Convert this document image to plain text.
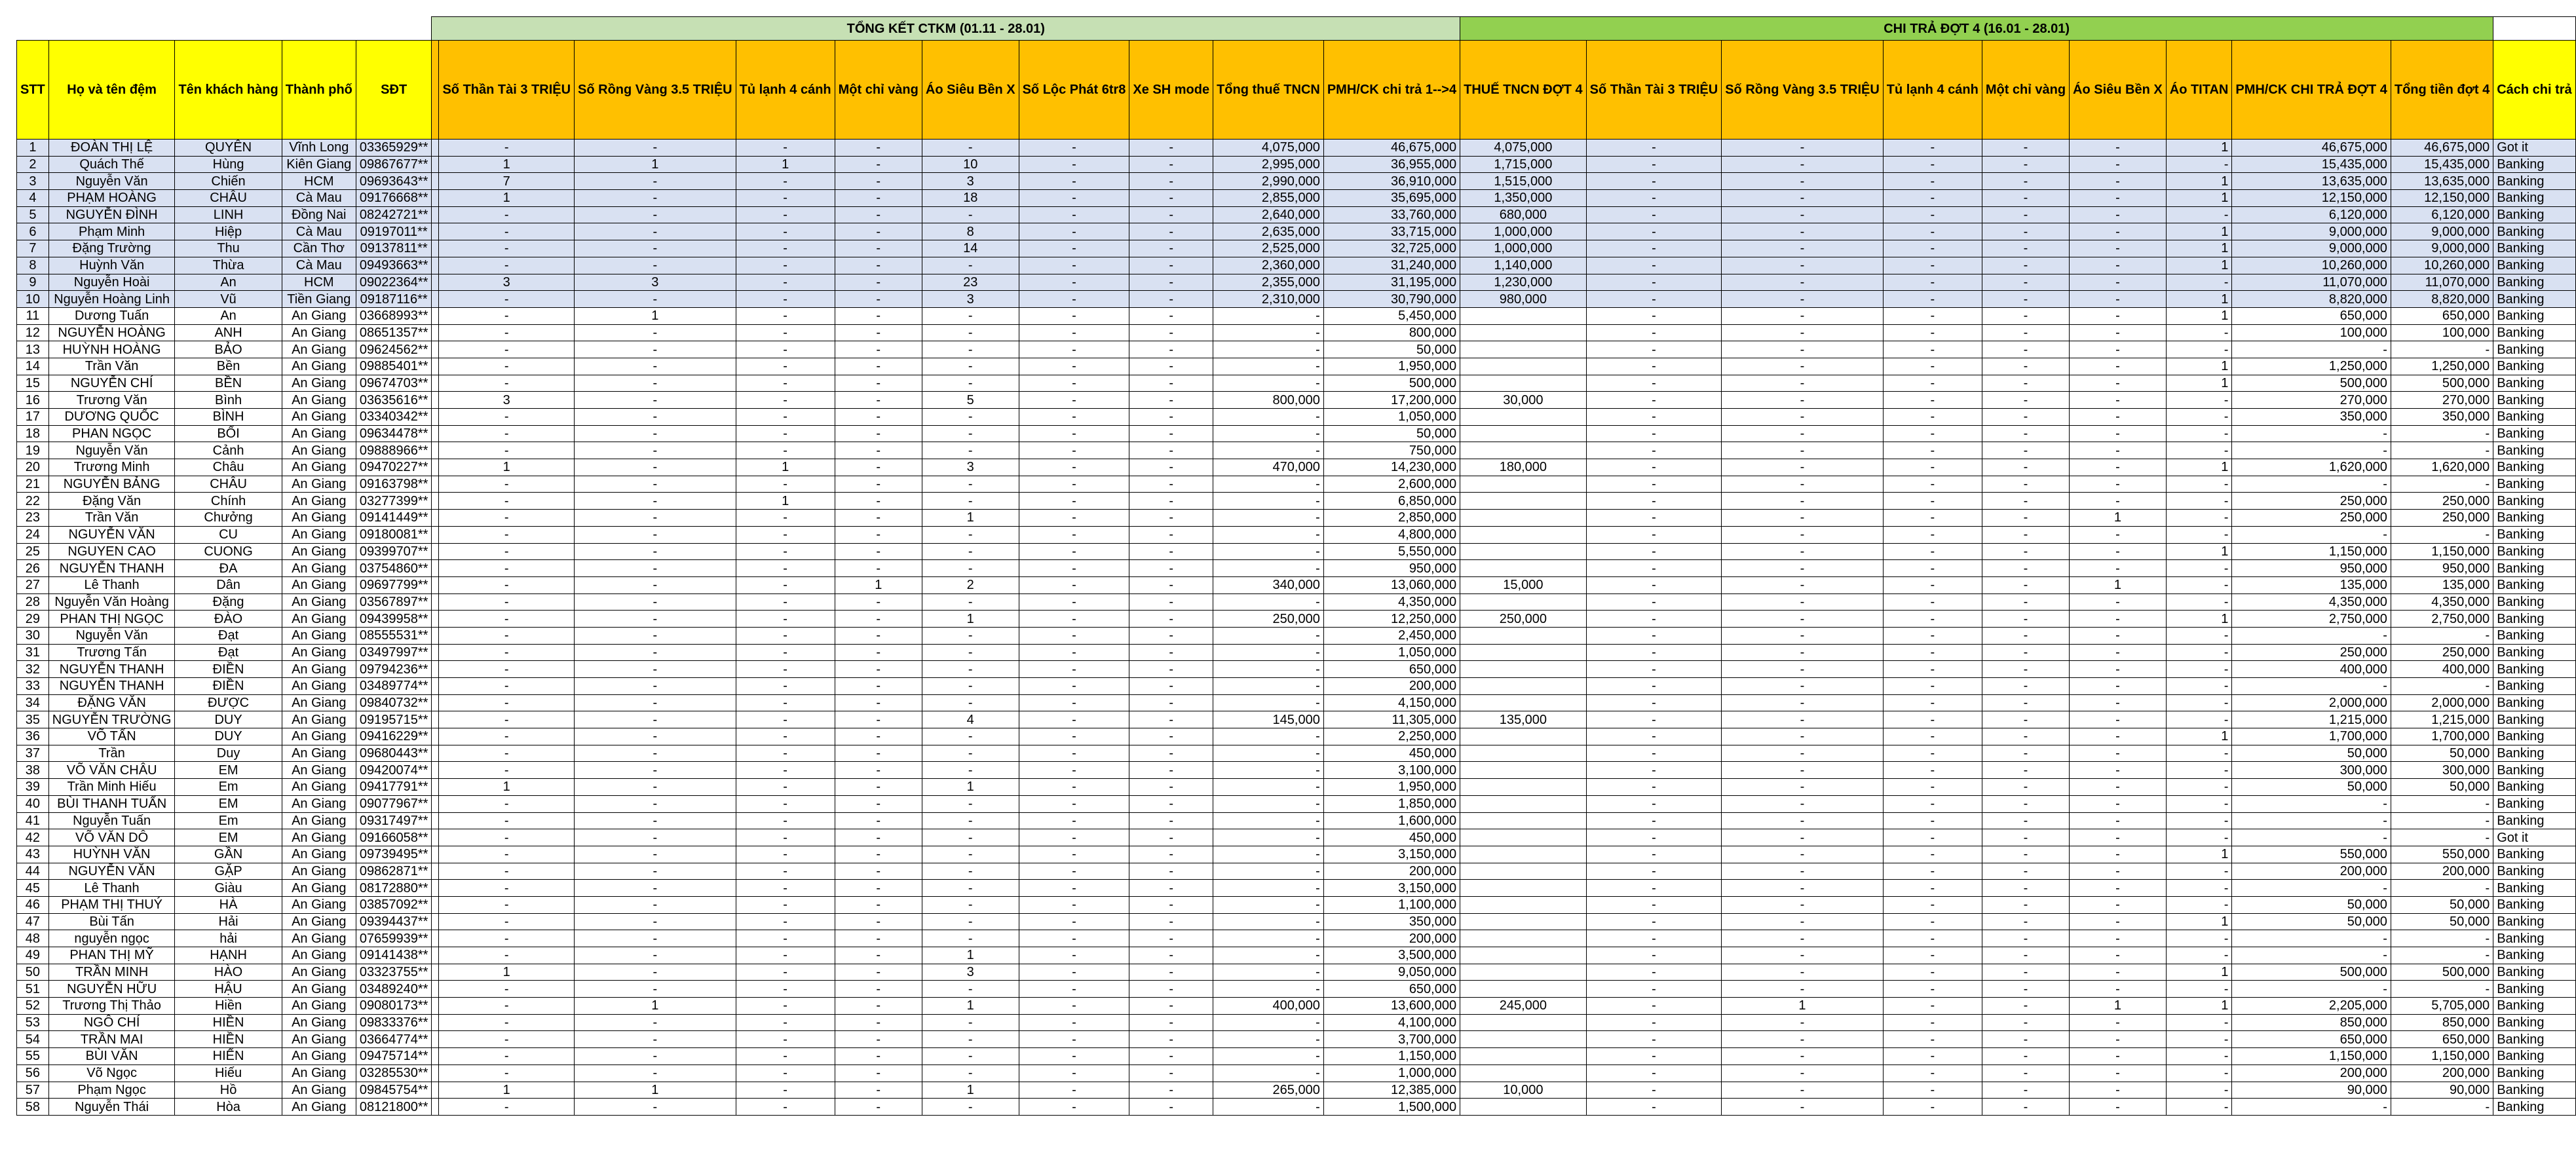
					TỔNG KẾT CTKM (01.11 - 28.01)										CHI TRẢ ĐỢT 4 (16.01 - 28.01)									
STT	Họ và tên đệm	Tên khách hàng	Thành phố	SĐT		Số Thần Tài 3 TRIỆU	Số Rồng Vàng 3.5 TRIỆU	Tủ lạnh 4 cánh	Một chỉ vàng	Áo Siêu Bền X	Số Lộc Phát 6tr8	Xe SH mode	Tổng thuế TNCN	PMH/CK chi trả 1-->4	THUẾ TNCN ĐỢT 4	Số Thần Tài 3 TRIỆU	Số Rồng Vàng 3.5 TRIỆU	Tủ lạnh 4 cánh	Một chỉ vàng	Áo Siêu Bền X	Áo TITAN	PMH/CK CHI TRẢ ĐỢT 4	Tổng tiền đợt 4	Cách chi trả
1	ĐOÀN THỊ LỆ	QUYÊN	Vĩnh Long	03365929**		-	-	-	-	-	-	-	4,075,000	46,675,000	4,075,000	-	-	-	-	-	1	46,675,000	46,675,000	Got it
2	Quách Thế	Hùng	Kiên Giang	09867677**		1	1	1	-	10	-	-	2,995,000	36,955,000	1,715,000	-	-	-	-	-	-	15,435,000	15,435,000	Banking
3	Nguyễn Văn	Chiến	HCM	09693643**		7	-	-	-	3	-	-	2,990,000	36,910,000	1,515,000	-	-	-	-	-	1	13,635,000	13,635,000	Banking
4	PHẠM HOÀNG	CHÂU	Cà Mau	09176668**		1	-	-	-	18	-	-	2,855,000	35,695,000	1,350,000	-	-	-	-	-	1	12,150,000	12,150,000	Banking
5	NGUYỄN ĐÌNH	LINH	Đồng Nai	08242721**		-	-	-	-	-	-	-	2,640,000	33,760,000	680,000	-	-	-	-	-	-	6,120,000	6,120,000	Banking
6	Phạm Minh	Hiệp	Cà Mau	09197011**		-	-	-	-	8	-	-	2,635,000	33,715,000	1,000,000	-	-	-	-	-	1	9,000,000	9,000,000	Banking
7	Đặng Trường	Thu	Cần Thơ	09137811**		-	-	-	-	14	-	-	2,525,000	32,725,000	1,000,000	-	-	-	-	-	1	9,000,000	9,000,000	Banking
8	Huỳnh Văn	Thừa	Cà Mau	09493663**		-	-	-	-	-	-	-	2,360,000	31,240,000	1,140,000	-	-	-	-	-	1	10,260,000	10,260,000	Banking
9	Nguyễn Hoài	An	HCM	09022364**		3	3	-	-	23	-	-	2,355,000	31,195,000	1,230,000	-	-	-	-	-	-	11,070,000	11,070,000	Banking
10	Nguyễn Hoàng Linh	Vũ	Tiền Giang	09187116**		-	-	-	-	3	-	-	2,310,000	30,790,000	980,000	-	-	-	-	-	1	8,820,000	8,820,000	Banking
11	Dương Tuấn	An	An Giang	03668993**		-	1	-	-	-	-	-	-	5,450,000		-	-	-	-	-	1	650,000	650,000	Banking
12	NGUYỄN HOÀNG	ANH	An Giang	08651357**		-	-	-	-	-	-	-	-	800,000		-	-	-	-	-	-	100,000	100,000	Banking
13	HUỲNH HOÀNG	BẢO	An Giang	09624562**		-	-	-	-	-	-	-	-	50,000		-	-	-	-	-	-	-	-	Banking
14	Trần Văn	Bền	An Giang	09885401**		-	-	-	-	-	-	-	-	1,950,000		-	-	-	-	-	1	1,250,000	1,250,000	Banking
15	NGUYỄN CHÍ	BỀN	An Giang	09674703**		-	-	-	-	-	-	-	-	500,000		-	-	-	-	-	1	500,000	500,000	Banking
16	Trương Văn	Bình	An Giang	03635616**		3	-	-	-	5	-	-	800,000	17,200,000	30,000	-	-	-	-	-	-	270,000	270,000	Banking
17	DƯƠNG QUỐC	BÌNH	An Giang	03340342**		-	-	-	-	-	-	-	-	1,050,000		-	-	-	-	-	-	350,000	350,000	Banking
18	PHAN NGỌC	BỐI	An Giang	09634478**		-	-	-	-	-	-	-	-	50,000		-	-	-	-	-	-	-	-	Banking
19	Nguyễn Văn	Cảnh	An Giang	09888966**		-	-	-	-	-	-	-	-	750,000		-	-	-	-	-	-	-	-	Banking
20	Trương Minh	Châu	An Giang	09470227**		1	-	1	-	3	-	-	470,000	14,230,000	180,000	-	-	-	-	-	1	1,620,000	1,620,000	Banking
21	NGUYỄN BẢNG	CHÂU	An Giang	09163798**		-	-	-	-	-	-	-	-	2,600,000		-	-	-	-	-	-	-	-	Banking
22	Đặng Văn	Chính	An Giang	03277399**		-	-	1	-	-	-	-	-	6,850,000		-	-	-	-	-	-	250,000	250,000	Banking
23	Trần Văn	Chưởng	An Giang	09141449**		-	-	-	-	1	-	-	-	2,850,000		-	-	-	-	1	-	250,000	250,000	Banking
24	NGUYỄN VĂN	CU	An Giang	09180081**		-	-	-	-	-	-	-	-	4,800,000		-	-	-	-	-	-	-	-	Banking
25	NGUYEN CAO	CUONG	An Giang	09399707**		-	-	-	-	-	-	-	-	5,550,000		-	-	-	-	-	1	1,150,000	1,150,000	Banking
26	NGUYỄN THANH	ĐA	An Giang	03754860**		-	-	-	-	-	-	-	-	950,000		-	-	-	-	-	-	950,000	950,000	Banking
27	Lê Thanh	Dân	An Giang	09697799**		-	-	-	1	2	-	-	340,000	13,060,000	15,000	-	-	-	-	1	-	135,000	135,000	Banking
28	Nguyễn Văn Hoàng	Đặng	An Giang	03567897**		-	-	-	-	-	-	-	-	4,350,000		-	-	-	-	-	-	4,350,000	4,350,000	Banking
29	PHAN THỊ NGỌC	ĐÀO	An Giang	09439958**		-	-	-	-	1	-	-	250,000	12,250,000	250,000	-	-	-	-	-	1	2,750,000	2,750,000	Banking
30	Nguyễn Văn	Đạt	An Giang	08555531**		-	-	-	-	-	-	-	-	2,450,000		-	-	-	-	-	-	-	-	Banking
31	Trương Tấn	Đạt	An Giang	03497997**		-	-	-	-	-	-	-	-	1,050,000		-	-	-	-	-	-	250,000	250,000	Banking
32	NGUYỄN THANH	ĐIỀN	An Giang	09794236**		-	-	-	-	-	-	-	-	650,000		-	-	-	-	-	-	400,000	400,000	Banking
33	NGUYỄN THANH	ĐIỀN	An Giang	03489774**		-	-	-	-	-	-	-	-	200,000		-	-	-	-	-	-	-	-	Banking
34	ĐẶNG VĂN	ĐƯỢC	An Giang	09840732**		-	-	-	-	-	-	-	-	4,150,000		-	-	-	-	-	-	2,000,000	2,000,000	Banking
35	NGUYỄN TRƯỜNG	DUY	An Giang	09195715**		-	-	-	-	4	-	-	145,000	11,305,000	135,000	-	-	-	-	-	-	1,215,000	1,215,000	Banking
36	VÕ TẤN	DUY	An Giang	09416229**		-	-	-	-	-	-	-	-	2,250,000		-	-	-	-	-	1	1,700,000	1,700,000	Banking
37	Trần	Duy	An Giang	09680443**		-	-	-	-	-	-	-	-	450,000		-	-	-	-	-	-	50,000	50,000	Banking
38	VÕ VĂN CHÂU	EM	An Giang	09420074**		-	-	-	-	-	-	-	-	3,100,000		-	-	-	-	-	-	300,000	300,000	Banking
39	Trần Minh Hiếu	Em	An Giang	09417791**		1	-	-	-	1	-	-	-	1,950,000		-	-	-	-	-	-	50,000	50,000	Banking
40	BÙI THANH TUẤN	EM	An Giang	09077967**		-	-	-	-	-	-	-	-	1,850,000		-	-	-	-	-	-	-	-	Banking
41	Nguyễn Tuấn	Em	An Giang	09317497**		-	-	-	-	-	-	-	-	1,600,000		-	-	-	-	-	-	-	-	Banking
42	VÕ VĂN DÔ	EM	An Giang	09166058**		-	-	-	-	-	-	-	-	450,000		-	-	-	-	-	-	-	-	Got it
43	HUỲNH VĂN	GẦN	An Giang	09739495**		-	-	-	-	-	-	-	-	3,150,000		-	-	-	-	-	1	550,000	550,000	Banking
44	NGUYỄN VĂN	GẶP	An Giang	09862871**		-	-	-	-	-	-	-	-	200,000		-	-	-	-	-	-	200,000	200,000	Banking
45	Lê Thanh	Giàu	An Giang	08172880**		-	-	-	-	-	-	-	-	3,150,000		-	-	-	-	-	-	-	-	Banking
46	PHẠM THỊ THUÝ	HÀ	An Giang	03857092**		-	-	-	-	-	-	-	-	1,100,000		-	-	-	-	-	-	50,000	50,000	Banking
47	Bùi Tấn	Hải	An Giang	09394437**		-	-	-	-	-	-	-	-	350,000		-	-	-	-	-	1	50,000	50,000	Banking
48	nguyễn ngọc	hải	An Giang	07659939**		-	-	-	-	-	-	-	-	200,000		-	-	-	-	-	-	-	-	Banking
49	PHAN THỊ MỸ	HẠNH	An Giang	09141438**		-	-	-	-	1	-	-	-	3,500,000		-	-	-	-	-	-	-	-	Banking
50	TRẦN MINH	HÀO	An Giang	03323755**		1	-	-	-	3	-	-	-	9,050,000		-	-	-	-	-	1	500,000	500,000	Banking
51	NGUYỄN HỮU	HẬU	An Giang	03489240**		-	-	-	-	-	-	-	-	650,000		-	-	-	-	-	-	-	-	Banking
52	Trương Thị Thảo	Hiền	An Giang	09080173**		-	1	-	-	1	-	-	400,000	13,600,000	245,000	-	1	-	-	1	1	2,205,000	5,705,000	Banking
53	NGÔ CHÍ	HIỀN	An Giang	09833376**		-	-	-	-	-	-	-	-	4,100,000		-	-	-	-	-	-	850,000	850,000	Banking
54	TRẦN MAI	HIỀN	An Giang	03664774**		-	-	-	-	-	-	-	-	3,700,000		-	-	-	-	-	-	650,000	650,000	Banking
55	BÙI VĂN	HIỂN	An Giang	09475714**		-	-	-	-	-	-	-	-	1,150,000		-	-	-	-	-	-	1,150,000	1,150,000	Banking
56	Võ Ngọc	Hiếu	An Giang	03285530**		-	-	-	-	-	-	-	-	1,000,000		-	-	-	-	-	-	200,000	200,000	Banking
57	Phạm Ngọc	Hồ	An Giang	09845754**		1	1	-	-	1	-	-	265,000	12,385,000	10,000	-	-	-	-	-	-	90,000	90,000	Banking
58	Nguyễn Thái	Hòa	An Giang	08121800**		-	-	-	-	-	-	-	-	1,500,000		-	-	-	-	-	-	-	-	Banking
